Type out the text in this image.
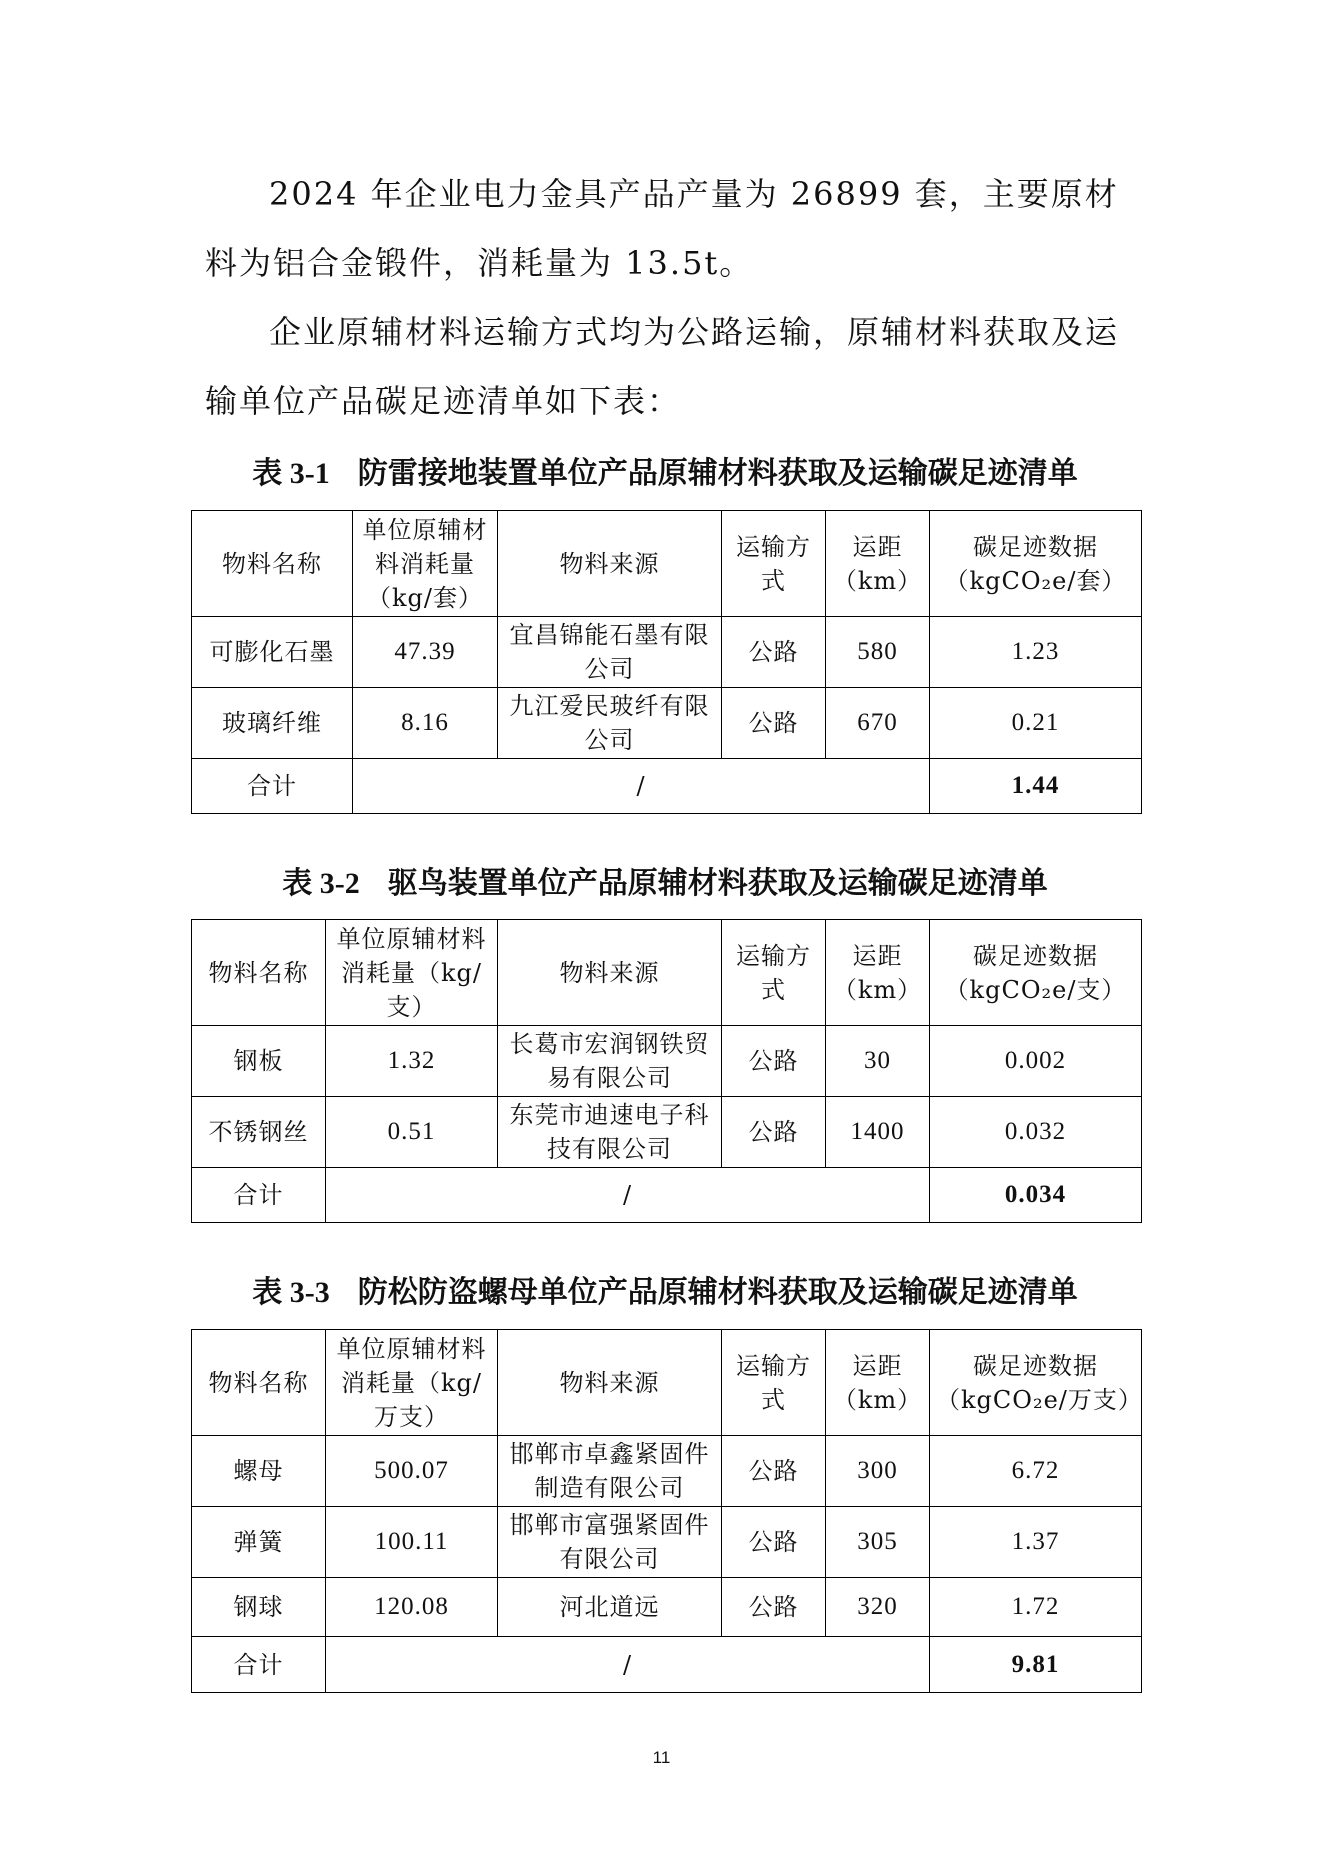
2024 年企业电力金具产品产量为 26899 套，主要原材料为铝合金锻件，消耗量为 13.5t。

企业原辅材料运输方式均为公路运输，原辅材料获取及运输单位产品碳足迹清单如下表：

表 3-1 防雷接地装置单位产品原辅材料获取及运输碳足迹清单

物料名称	单位原辅材料消耗量（kg/套）	物料来源	运输方式	运距（km）	碳足迹数据（kgCO₂e/套）
可膨化石墨	47.39	宜昌锦能石墨有限公司	公路	580	1.23
玻璃纤维	8.16	九江爱民玻纤有限公司	公路	670	0.21
合计	/				1.44

表 3-2 驱鸟装置单位产品原辅材料获取及运输碳足迹清单

物料名称	单位原辅材料消耗量（kg/支）	物料来源	运输方式	运距（km）	碳足迹数据（kgCO₂e/支）
钢板	1.32	长葛市宏润钢铁贸易有限公司	公路	30	0.002
不锈钢丝	0.51	东莞市迪速电子科技有限公司	公路	1400	0.032
合计	/				0.034

表 3-3 防松防盗螺母单位产品原辅材料获取及运输碳足迹清单

物料名称	单位原辅材料消耗量（kg/万支）	物料来源	运输方式	运距（km）	碳足迹数据（kgCO₂e/万支）
螺母	500.07	邯郸市卓鑫紧固件制造有限公司	公路	300	6.72
弹簧	100.11	邯郸市富强紧固件有限公司	公路	305	1.37
钢球	120.08	河北道远	公路	320	1.72
合计	/				9.81
11
